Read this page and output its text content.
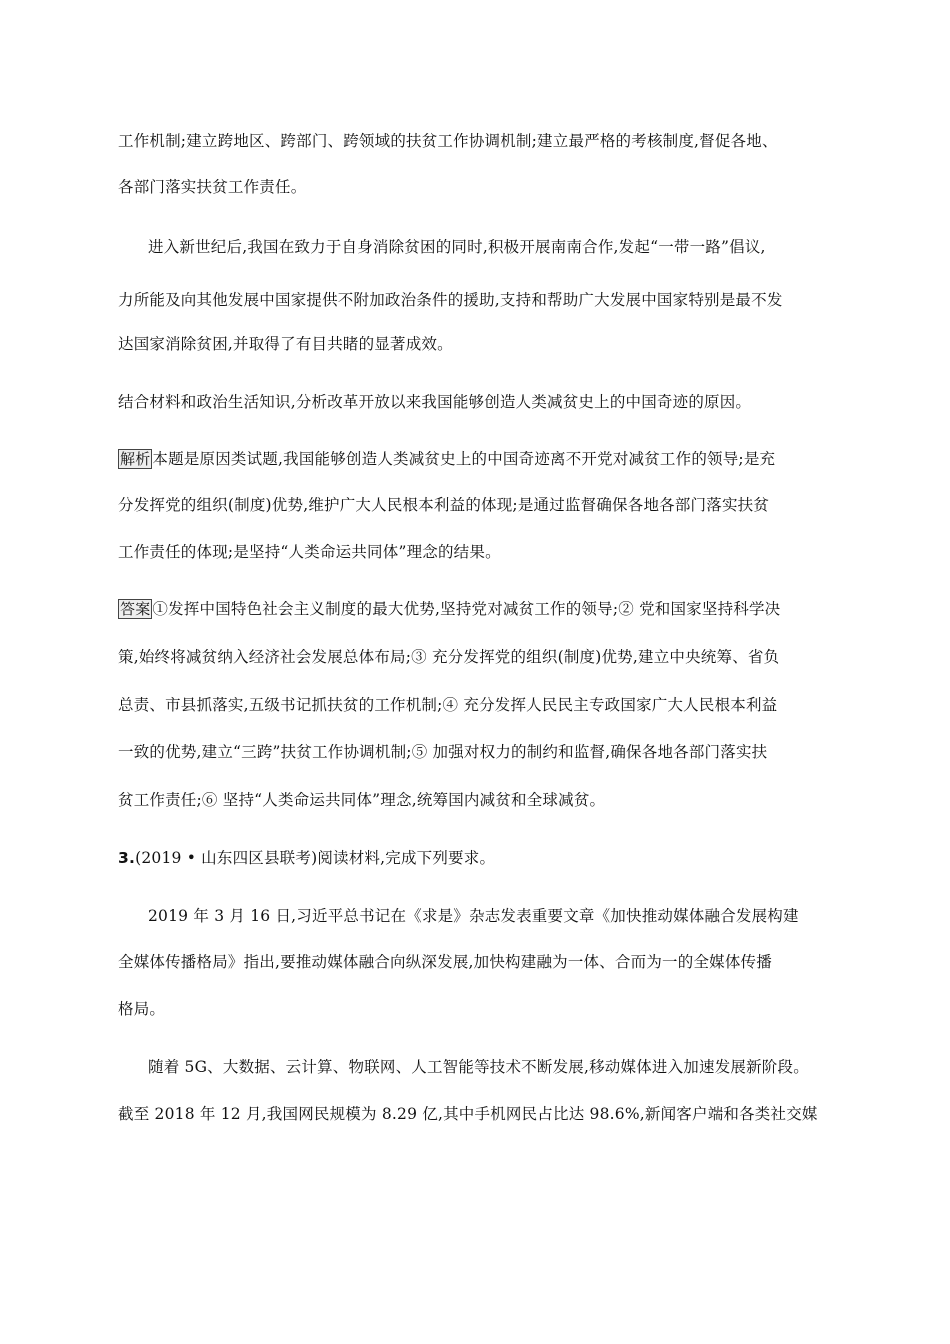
工作机制;建立跨地区、跨部门、跨领域的扶贫工作协调机制;建立最严格的考核制度,督促各地、
各部门落实扶贫工作责任。
进入新世纪后,我国在致力于自身消除贫困的同时,积极开展南南合作,发起“一带一路”倡议,
力所能及向其他发展中国家提供不附加政治条件的援助,支持和帮助广大发展中国家特别是最不发
达国家消除贫困,并取得了有目共睹的显著成效。
结合材料和政治生活知识,分析改革开放以来我国能够创造人类减贫史上的中国奇迹的原因。
解析 本题是原因类试题,我国能够创造人类减贫史上的中国奇迹离不开党对减贫工作的领导;是充
分发挥党的组织(制度)优势,维护广大人民根本利益的体现;是通过监督确保各地各部门落实扶贫
工作责任的体现;是坚持“人类命运共同体”理念的结果。
答案 ①发挥中国特色社会主义制度的最大优势,坚持党对减贫工作的领导;② 党和国家坚持科学决
策,始终将减贫纳入经济社会发展总体布局;③ 充分发挥党的组织(制度)优势,建立中央统筹、省负
总责、市县抓落实,五级书记抓扶贫的工作机制;④ 充分发挥人民民主专政国家广大人民根本利益
一致的优势,建立“三跨”扶贫工作协调机制;⑤ 加强对权力的制约和监督,确保各地各部门落实扶
贫工作责任;⑥ 坚持“人类命运共同体”理念,统筹国内减贫和全球减贫。
3.(2019 • 山东四区县联考)阅读材料,完成下列要求。
2019 年 3 月 16 日,习近平总书记在《求是》杂志发表重要文章《加快推动媒体融合发展构建
全媒体传播格局》指出,要推动媒体融合向纵深发展,加快构建融为一体、合而为一的全媒体传播
格局。
随着 5G、大数据、云计算、物联网、人工智能等技术不断发展,移动媒体进入加速发展新阶段。
截至 2018 年 12 月,我国网民规模为 8.29 亿,其中手机网民占比达 98.6%,新闻客户端和各类社交媒
